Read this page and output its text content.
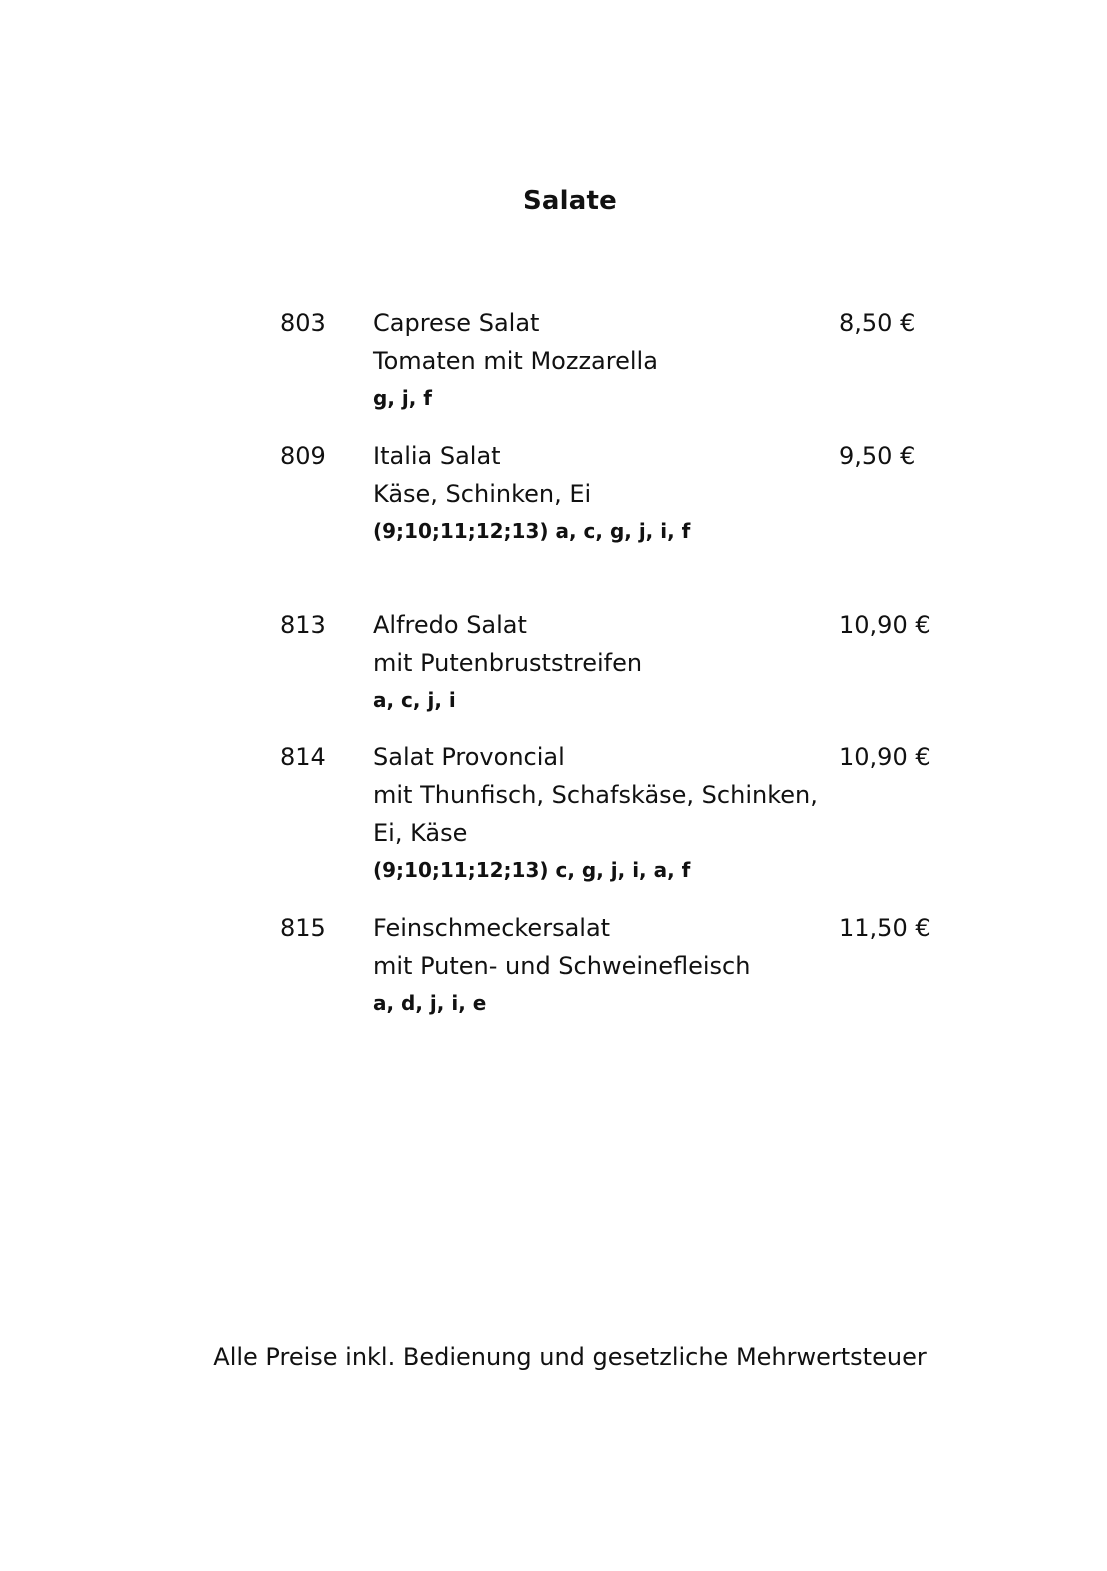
Salate
803 Caprese Salat
Tomaten mit Mozzarella
g, j, f
8,50 €
809 Italia Salat
Käse, Schinken, Ei
(9;10;11;12;13) a, c, g, j, i, f
9,50 €
813 Alfredo Salat
mit Putenbruststreifen
a, c, j, i
10,90 €
814 Salat Provoncial
mit Thunfisch, Schafskäse, Schinken,
Ei, Käse
(9;10;11;12;13) c, g, j, i, a, f
10,90 €
815 Feinschmeckersalat
mit Puten- und Schweinefleisch
a, d, j, i, e
11,50 €
Alle Preise inkl. Bedienung und gesetzliche Mehrwertsteuer
